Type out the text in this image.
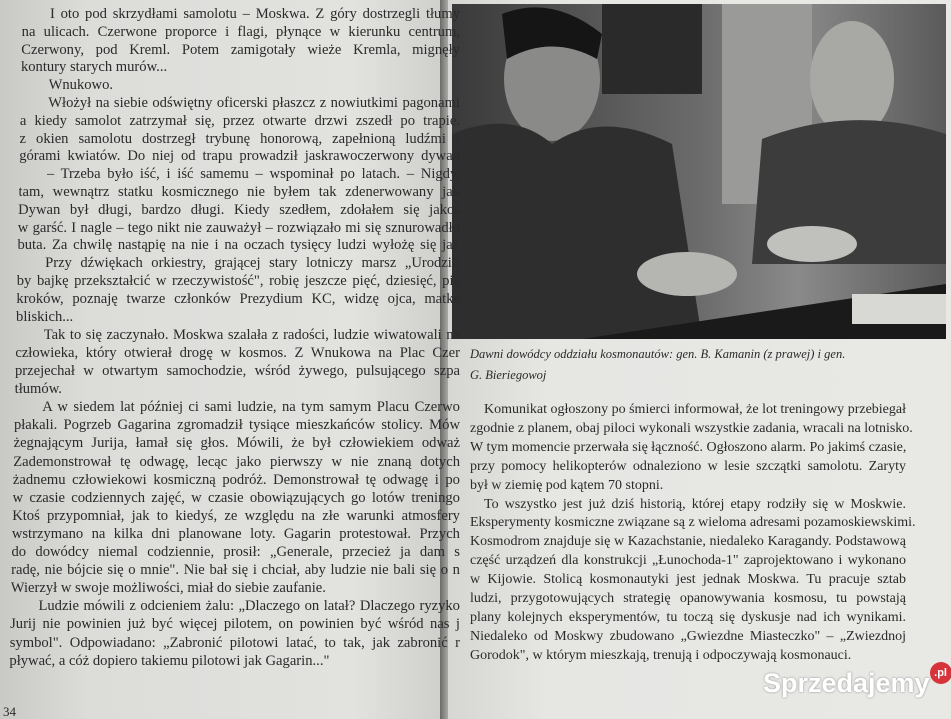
I oto pod skrzydłami samolotu – Moskwa. Z góry dostrzegli tłumy
na ulicach. Czerwone proporce i flagi, płynące w kierunku centrum,
Czerwony, pod Kreml. Potem zamigotały wieże Kremla, mignęły
kontury starych murów...
Wnukowo.
Włożył na siebie odświętny oficerski płaszcz z nowiutkimi pagonami
a kiedy samolot zatrzymał się, przez otwarte drzwi zszedł po trapie.
z okien samolotu dostrzegł trybunę honorową, zapełnioną ludźmi i
górami kwiatów. Do niej od trapu prowadził jaskrawoczerwony dywan
– Trzeba było iść, i iść samemu – wspominał po latach. – Nigdy,
tam, wewnątrz statku kosmicznego nie byłem tak zdenerwowany jak
Dywan był długi, bardzo długi. Kiedy szedłem, zdołałem się jakoś
w garść. I nagle – tego nikt nie zauważył – rozwiązało mi się sznurowadło
buta. Za chwilę nastąpię na nie i na oczach tysięcy ludzi wyłożę się jak
Przy dźwiękach orkiestry, grającej stary lotniczy marsz „Urodzili
by bajkę przekształcić w rzeczywistość", robię jeszcze pięć, dziesięć, pię
kroków, poznaję twarze członków Prezydium KC, widzę ojca, matkę
bliskich...
Tak to się zaczynało. Moskwa szalała z radości, ludzie wiwatowali na
człowieka, który otwierał drogę w kosmos. Z Wnukowa na Plac Czer
przejechał w otwartym samochodzie, wśród żywego, pulsującego szpa
tłumów.
A w siedem lat później ci sami ludzie, na tym samym Placu Czerwo
płakali. Pogrzeb Gagarina zgromadził tysiące mieszkańców stolicy. Mów
żegnającym Jurija, łamał się głos. Mówili, że był człowiekiem odważ
Zademonstrował tę odwagę, lecąc jako pierwszy w nie znaną dotych
żadnemu człowiekowi kosmiczną podróż. Demonstrował tę odwagę i po
w czasie codziennych zajęć, w czasie obowiązujących go lotów treningo
Ktoś przypomniał, jak to kiedyś, ze względu na złe warunki atmosfery
wstrzymano na kilka dni planowane loty. Gagarin protestował. Przych
do dowódcy niemal codziennie, prosił: „Generale, przecież ja dam s
radę, nie bójcie się o mnie". Nie bał się i chciał, aby ludzie nie bali się o n
Wierzył w swoje możliwości, miał do siebie zaufanie.
Ludzie mówili z odcieniem żalu: „Dlaczego on latał? Dlaczego ryzyko
Jurij nie powinien już być więcej pilotem, on powinien być wśród nas j
symbol". Odpowiadano: „Zabronić pilotowi latać, to tak, jak zabronić r
pływać, a cóż dopiero takiemu pilotowi jak Gagarin..."
34
Dawni dowódcy oddziału kosmonautów: gen. B. Kamanin (z prawej) i gen.
G. Bieriegowoj
Komunikat ogłoszony po śmierci informował, że lot treningowy przebiegał
zgodnie z planem, obaj piloci wykonali wszystkie zadania, wracali na lotnisko.
W tym momencie przerwała się łączność. Ogłoszono alarm. Po jakimś czasie,
przy pomocy helikopterów odnaleziono w lesie szczątki samolotu. Zaryty
był w ziemię pod kątem 70 stopni.
To wszystko jest już dziś historią, której etapy rodziły się w Moskwie.
Eksperymenty kosmiczne związane są z wieloma adresami pozamoskiewskimi.
Kosmodrom znajduje się w Kazachstanie, niedaleko Karagandy. Podstawową
część urządzeń dla konstrukcji „Łunochoda-1" zaprojektowano i wykonano
w Kijowie. Stolicą kosmonautyki jest jednak Moskwa. Tu pracuje sztab
ludzi, przygotowujących strategię opanowywania kosmosu, tu powstają
plany kolejnych eksperymentów, tu toczą się dyskusje nad ich wynikami.
Niedaleko od Moskwy zbudowano „Gwiezdne Miasteczko" – „Zwiezdnoj
Gorodok", w którym mieszkają, trenują i odpoczywają kosmonauci.
Sprzedajemy .pl
